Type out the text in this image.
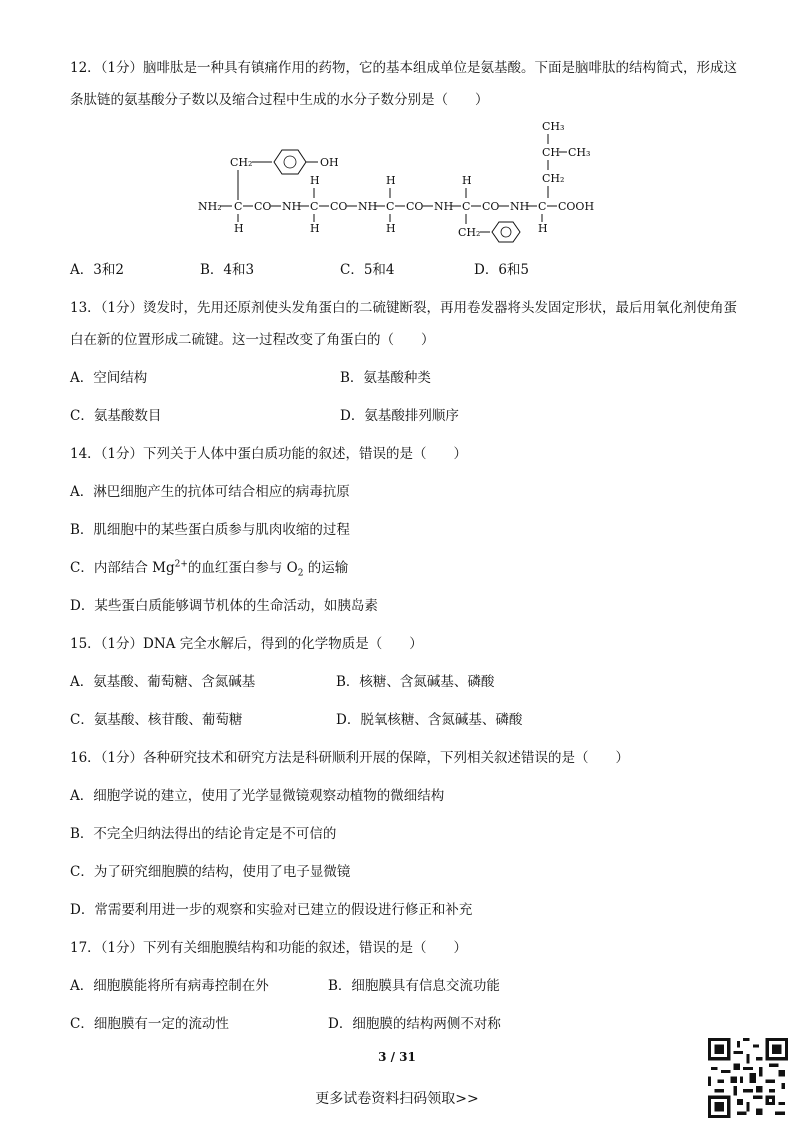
12．（1分）脑啡肽是一种具有镇痛作用的药物，它的基本组成单位是氨基酸。下面是脑啡肽的结构简式，形成这
条肽链的氨基酸分子数以及缩合过程中生成的水分子数分别是（　　）
CH₂	OH
NH₂ C
H
CO NH
H
C
H
CO NH
H
C
H
CO NH
H
C
CH₂
CO NH
CH₃
CH CH₃
CH₂
C
H
COOH
A．3和2	B．4和3	C．5和4	D．6和5
13．（1分）烫发时，先用还原剂使头发角蛋白的二硫键断裂，再用卷发器将头发固定形状，最后用氧化剂使角蛋
白在新的位置形成二硫键。这一过程改变了角蛋白的（　　）
A．空间结构	B．氨基酸种类
C．氨基酸数目	D．氨基酸排列顺序
14．（1分）下列关于人体中蛋白质功能的叙述，错误的是（　　）
A．淋巴细胞产生的抗体可结合相应的病毒抗原
B．肌细胞中的某些蛋白质参与肌肉收缩的过程
C．内部结合 $Mg^{2+}$的血红蛋白参与 $O_2$ 的运输
D．某些蛋白质能够调节机体的生命活动，如胰岛素
15．（1分）DNA 完全水解后，得到的化学物质是（　　）
A．氨基酸、葡萄糖、含氮碱基	B．核糖、含氮碱基、磷酸
C．氨基酸、核苷酸、葡萄糖	D．脱氧核糖、含氮碱基、磷酸
16．（1分）各种研究技术和研究方法是科研顺利开展的保障，下列相关叙述错误的是（　　）
A．细胞学说的建立，使用了光学显微镜观察动植物的微细结构
B．不完全归纳法得出的结论肯定是不可信的
C．为了研究细胞膜的结构，使用了电子显微镜
D．常需要利用进一步的观察和实验对已建立的假设进行修正和补充
17．（1分）下列有关细胞膜结构和功能的叙述，错误的是（　　）
A．细胞膜能将所有病毒控制在外	B．细胞膜具有信息交流功能
C．细胞膜有一定的流动性	D．细胞膜的结构两侧不对称
3 / 31
更多试卷资料扫码领取>>
